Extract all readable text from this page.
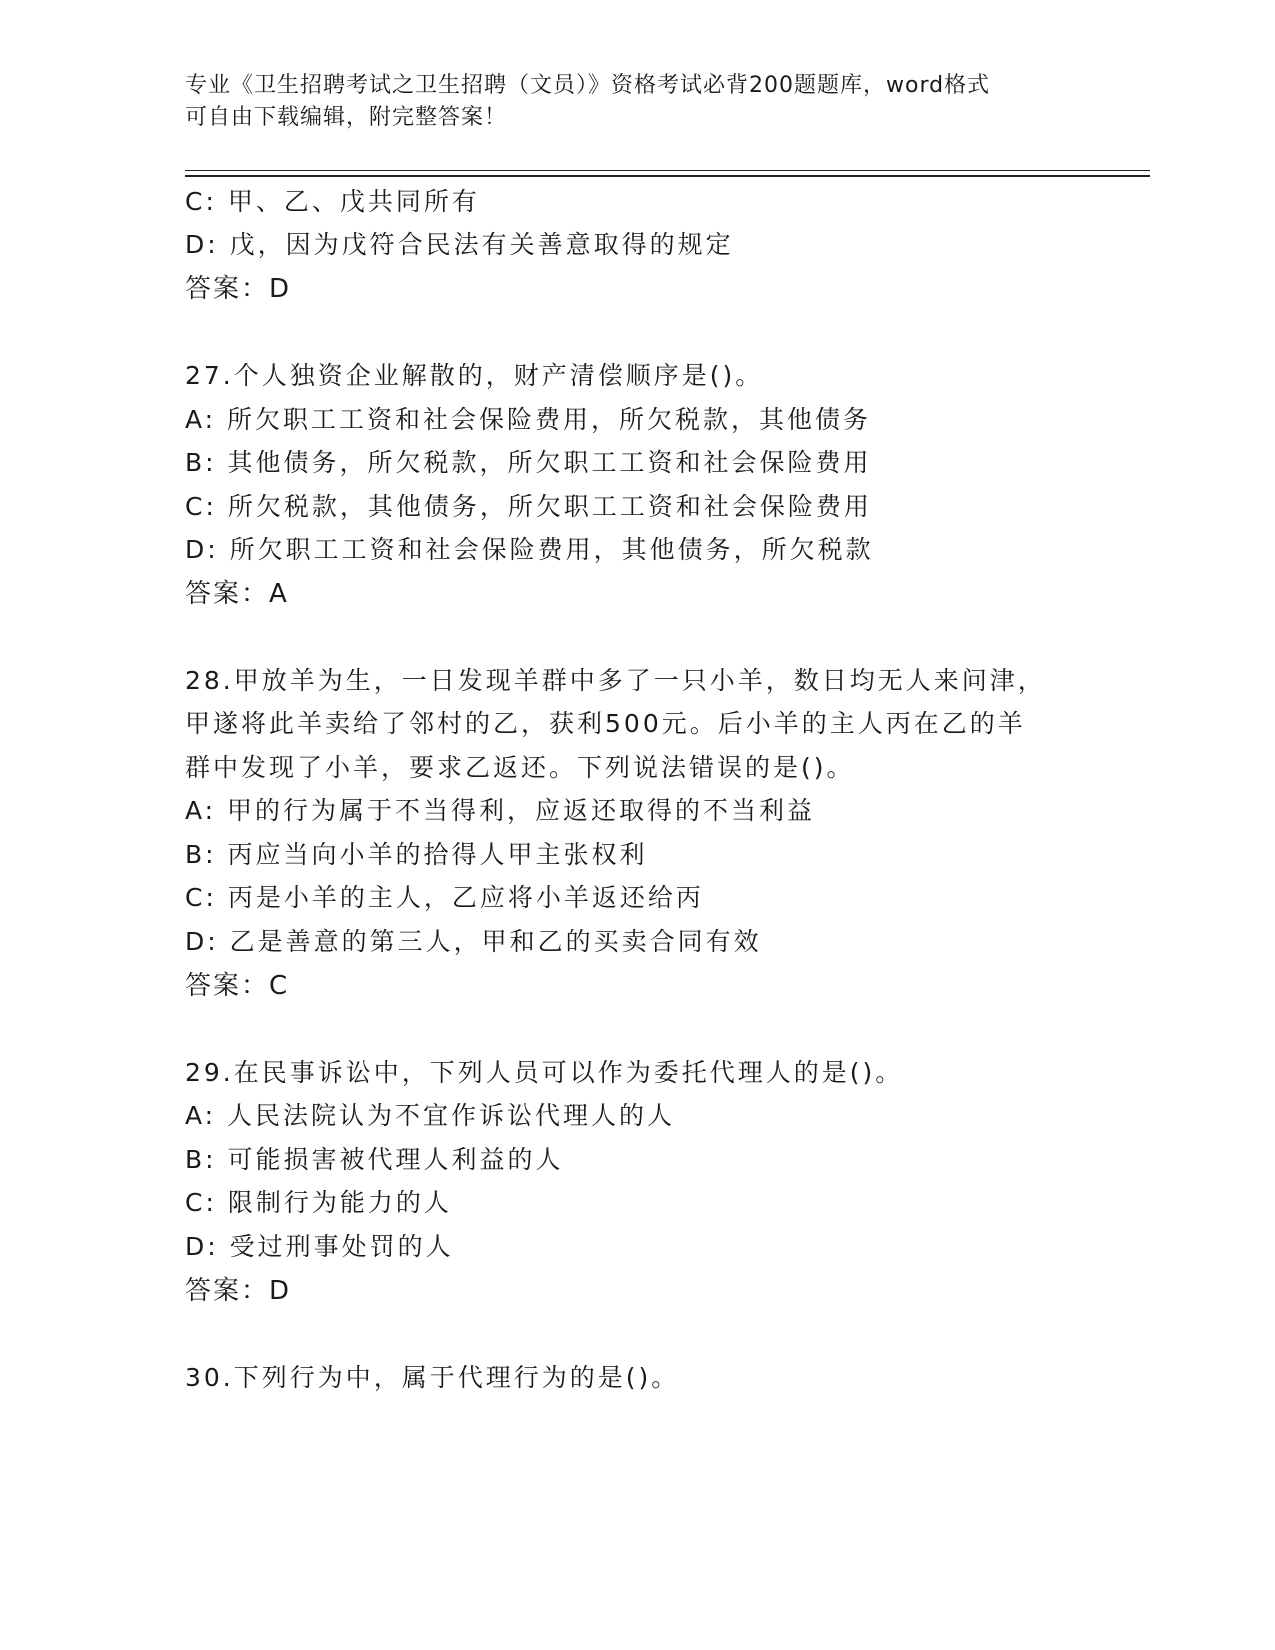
专业《卫生招聘考试之卫生招聘（文员）》资格考试必背200题题库，word格式
可自由下载编辑，附完整答案！
C: 甲、乙、戊共同所有
D: 戊，因为戊符合民法有关善意取得的规定
答案：D
27.个人独资企业解散的，财产清偿顺序是()。
A: 所欠职工工资和社会保险费用，所欠税款，其他债务
B: 其他债务，所欠税款，所欠职工工资和社会保险费用
C: 所欠税款，其他债务，所欠职工工资和社会保险费用
D: 所欠职工工资和社会保险费用，其他债务，所欠税款
答案：A
28.甲放羊为生，一日发现羊群中多了一只小羊，数日均无人来问津，
甲遂将此羊卖给了邻村的乙，获利500元。后小羊的主人丙在乙的羊
群中发现了小羊，要求乙返还。下列说法错误的是()。
A: 甲的行为属于不当得利，应返还取得的不当利益
B: 丙应当向小羊的拾得人甲主张权利
C: 丙是小羊的主人，乙应将小羊返还给丙
D: 乙是善意的第三人，甲和乙的买卖合同有效
答案：C
29.在民事诉讼中，下列人员可以作为委托代理人的是()。
A: 人民法院认为不宜作诉讼代理人的人
B: 可能损害被代理人利益的人
C: 限制行为能力的人
D: 受过刑事处罚的人
答案：D
30.下列行为中，属于代理行为的是()。
